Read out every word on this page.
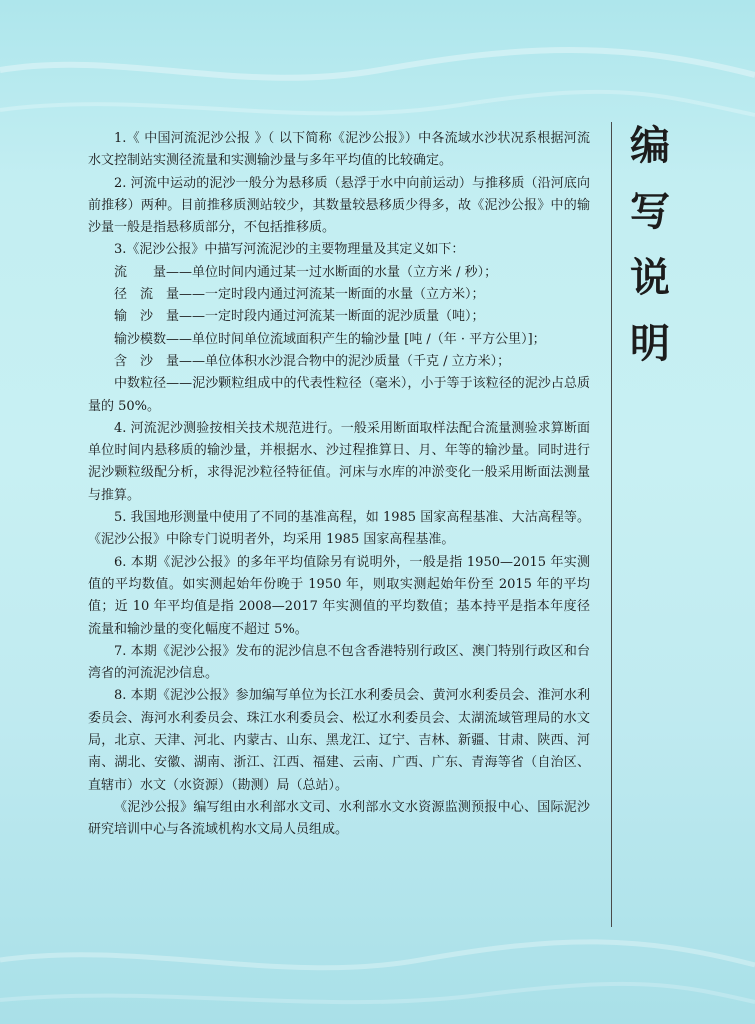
1.《 中国河流泥沙公报 》（ 以下简称《泥沙公报》）中各流域水沙状况系根据河流水文控制站实测径流量和实测输沙量与多年平均值的比较确定。

2. 河流中运动的泥沙一般分为悬移质（悬浮于水中向前运动）与推移质（沿河底向前推移）两种。目前推移质测站较少，其数量较悬移质少得多，故《泥沙公报》中的输沙量一般是指悬移质部分，不包括推移质。

3.《泥沙公报》中描写河流泥沙的主要物理量及其定义如下：

流　　量——单位时间内通过某一过水断面的水量（立方米 / 秒）；

径　流　量——一定时段内通过河流某一断面的水量（立方米）；

输　沙　量——一定时段内通过河流某一断面的泥沙质量（吨）；

输沙模数——单位时间单位流域面积产生的输沙量 [吨 /（年 · 平方公里）]；

含　沙　量——单位体积水沙混合物中的泥沙质量（千克 / 立方米）；

中数粒径——泥沙颗粒组成中的代表性粒径（毫米），小于等于该粒径的泥沙占总质量的 50%。

4. 河流泥沙测验按相关技术规范进行。一般采用断面取样法配合流量测验求算断面单位时间内悬移质的输沙量，并根据水、沙过程推算日、月、年等的输沙量。同时进行泥沙颗粒级配分析，求得泥沙粒径特征值。河床与水库的冲淤变化一般采用断面法测量与推算。

5. 我国地形测量中使用了不同的基准高程，如 1985 国家高程基准、大沽高程等。《泥沙公报》中除专门说明者外，均采用 1985 国家高程基准。

6. 本期《泥沙公报》的多年平均值除另有说明外，一般是指 1950—2015 年实测值的平均数值。如实测起始年份晚于 1950 年，则取实测起始年份至 2015 年的平均值；近 10 年平均值是指 2008—2017 年实测值的平均数值；基本持平是指本年度径流量和输沙量的变化幅度不超过 5%。

7. 本期《泥沙公报》发布的泥沙信息不包含香港特别行政区、澳门特别行政区和台湾省的河流泥沙信息。

8. 本期《泥沙公报》参加编写单位为长江水利委员会、黄河水利委员会、淮河水利委员会、海河水利委员会、珠江水利委员会、松辽水利委员会、太湖流域管理局的水文局，北京、天津、河北、内蒙古、山东、黑龙江、辽宁、吉林、新疆、甘肃、陕西、河南、湖北、安徽、湖南、浙江、江西、福建、云南、广西、广东、青海等省（自治区、直辖市）水文（水资源）（勘测）局（总站）。

《泥沙公报》编写组由水利部水文司、水利部水文水资源监测预报中心、国际泥沙研究培训中心与各流域机构水文局人员组成。

编
写
说
明
